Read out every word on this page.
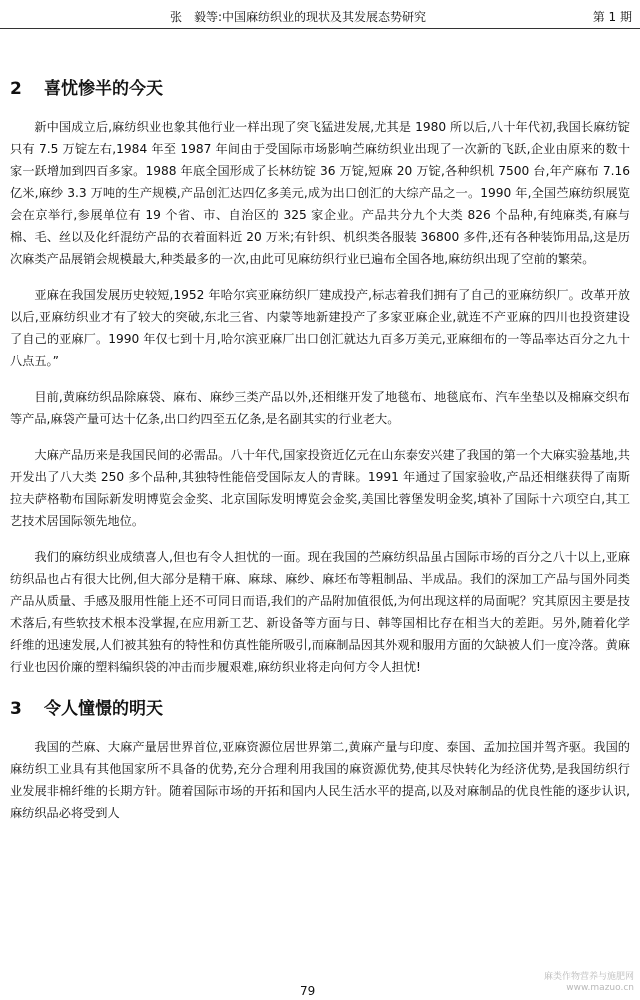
张　毅等:中国麻纺织业的现状及其发展态势研究	第 1 期
2 喜忧惨半的今天

新中国成立后,麻纺织业也象其他行业一样出现了突飞猛进发展,尤其是 1980 所以后,八十年代初,我国长麻纺锭只有 7.5 万锭左右,1984 年至 1987 年间由于受国际市场影响苎麻纺织业出现了一次新的飞跃,企业由原来的数十家一跃增加到四百多家。1988 年底全国形成了长林纺锭 36 万锭,短麻 20 万锭,各种织机 7500 台,年产麻布 7.16 亿米,麻纱 3.3 万吨的生产规模,产品创汇达四亿多美元,成为出口创汇的大综产品之一。1990 年,全国苎麻纺织展览会在京举行,参展单位有 19 个省、市、自治区的 325 家企业。产品共分九个大类 826 个品种,有纯麻类,有麻与棉、毛、丝以及化纤混纺产品的衣着面料近 20 万米;有针织、机织类各服装 36800 多件,还有各种装饰用品,这是历次麻类产品展销会规模最大,种类最多的一次,由此可见麻纺织行业已遍布全国各地,麻纺织出现了空前的繁荣。

亚麻在我国发展历史较短,1952 年哈尔宾亚麻纺织厂建成投产,标志着我们拥有了自己的亚麻纺织厂。改革开放以后,亚麻纺织业才有了较大的突破,东北三省、内蒙等地新建投产了多家亚麻企业,就连不产亚麻的四川也投资建设了自己的亚麻厂。1990 年仅七到十月,哈尔滨亚麻厂出口创汇就达九百多万美元,亚麻细布的一等品率达百分之九十八点五。”

目前,黄麻纺织品除麻袋、麻布、麻纱三类产品以外,还相继开发了地毯布、地毯底布、汽车坐垫以及棉麻交织布等产品,麻袋产量可达十亿条,出口约四至五亿条,是名副其实的行业老大。

大麻产品历来是我国民间的必需品。八十年代,国家投资近亿元在山东泰安兴建了我国的第一个大麻实验基地,共开发出了八大类 250 多个品种,其独特性能倍受国际友人的青睐。1991 年通过了国家验收,产品还相继获得了南斯拉夫萨格勒布国际新发明博览会金奖、北京国际发明博览会金奖,美国比蓉堡发明金奖,填补了国际十六项空白,其工艺技术居国际领先地位。

我们的麻纺织业成绩喜人,但也有令人担忧的一面。现在我国的苎麻纺织品虽占国际市场的百分之八十以上,亚麻纺织品也占有很大比例,但大部分是精干麻、麻球、麻纱、麻坯布等粗制品、半成品。我们的深加工产品与国外同类产品从质量、手感及服用性能上还不可同日而语,我们的产品附加值很低,为何出现这样的局面呢？究其原因主要是技术落后,有些软技术根本没掌握,在应用新工艺、新设备等方面与日、韩等国相比存在相当大的差距。另外,随着化学纤维的迅速发展,人们被其独有的特性和仿真性能所吸引,而麻制品因其外观和服用方面的欠缺被人们一度冷落。黄麻行业也因价廉的塑料编织袋的冲击而步履艰难,麻纺织业将走向何方令人担忧!

3 令人憧憬的明天

我国的苎麻、大麻产量居世界首位,亚麻资源位居世界第二,黄麻产量与印度、泰国、孟加拉国并驾齐驱。我国的麻纺织工业具有其他国家所不具备的优势,充分合理利用我国的麻资源优势,使其尽快转化为经济优势,是我国纺织行业发展非棉纤维的长期方针。随着国际市场的开拓和国内人民生活水平的提高,以及对麻制品的优良性能的逐步认识,麻纺织品必将受到人

79
麻类作物营养与施肥网
www.mazuo.cn
